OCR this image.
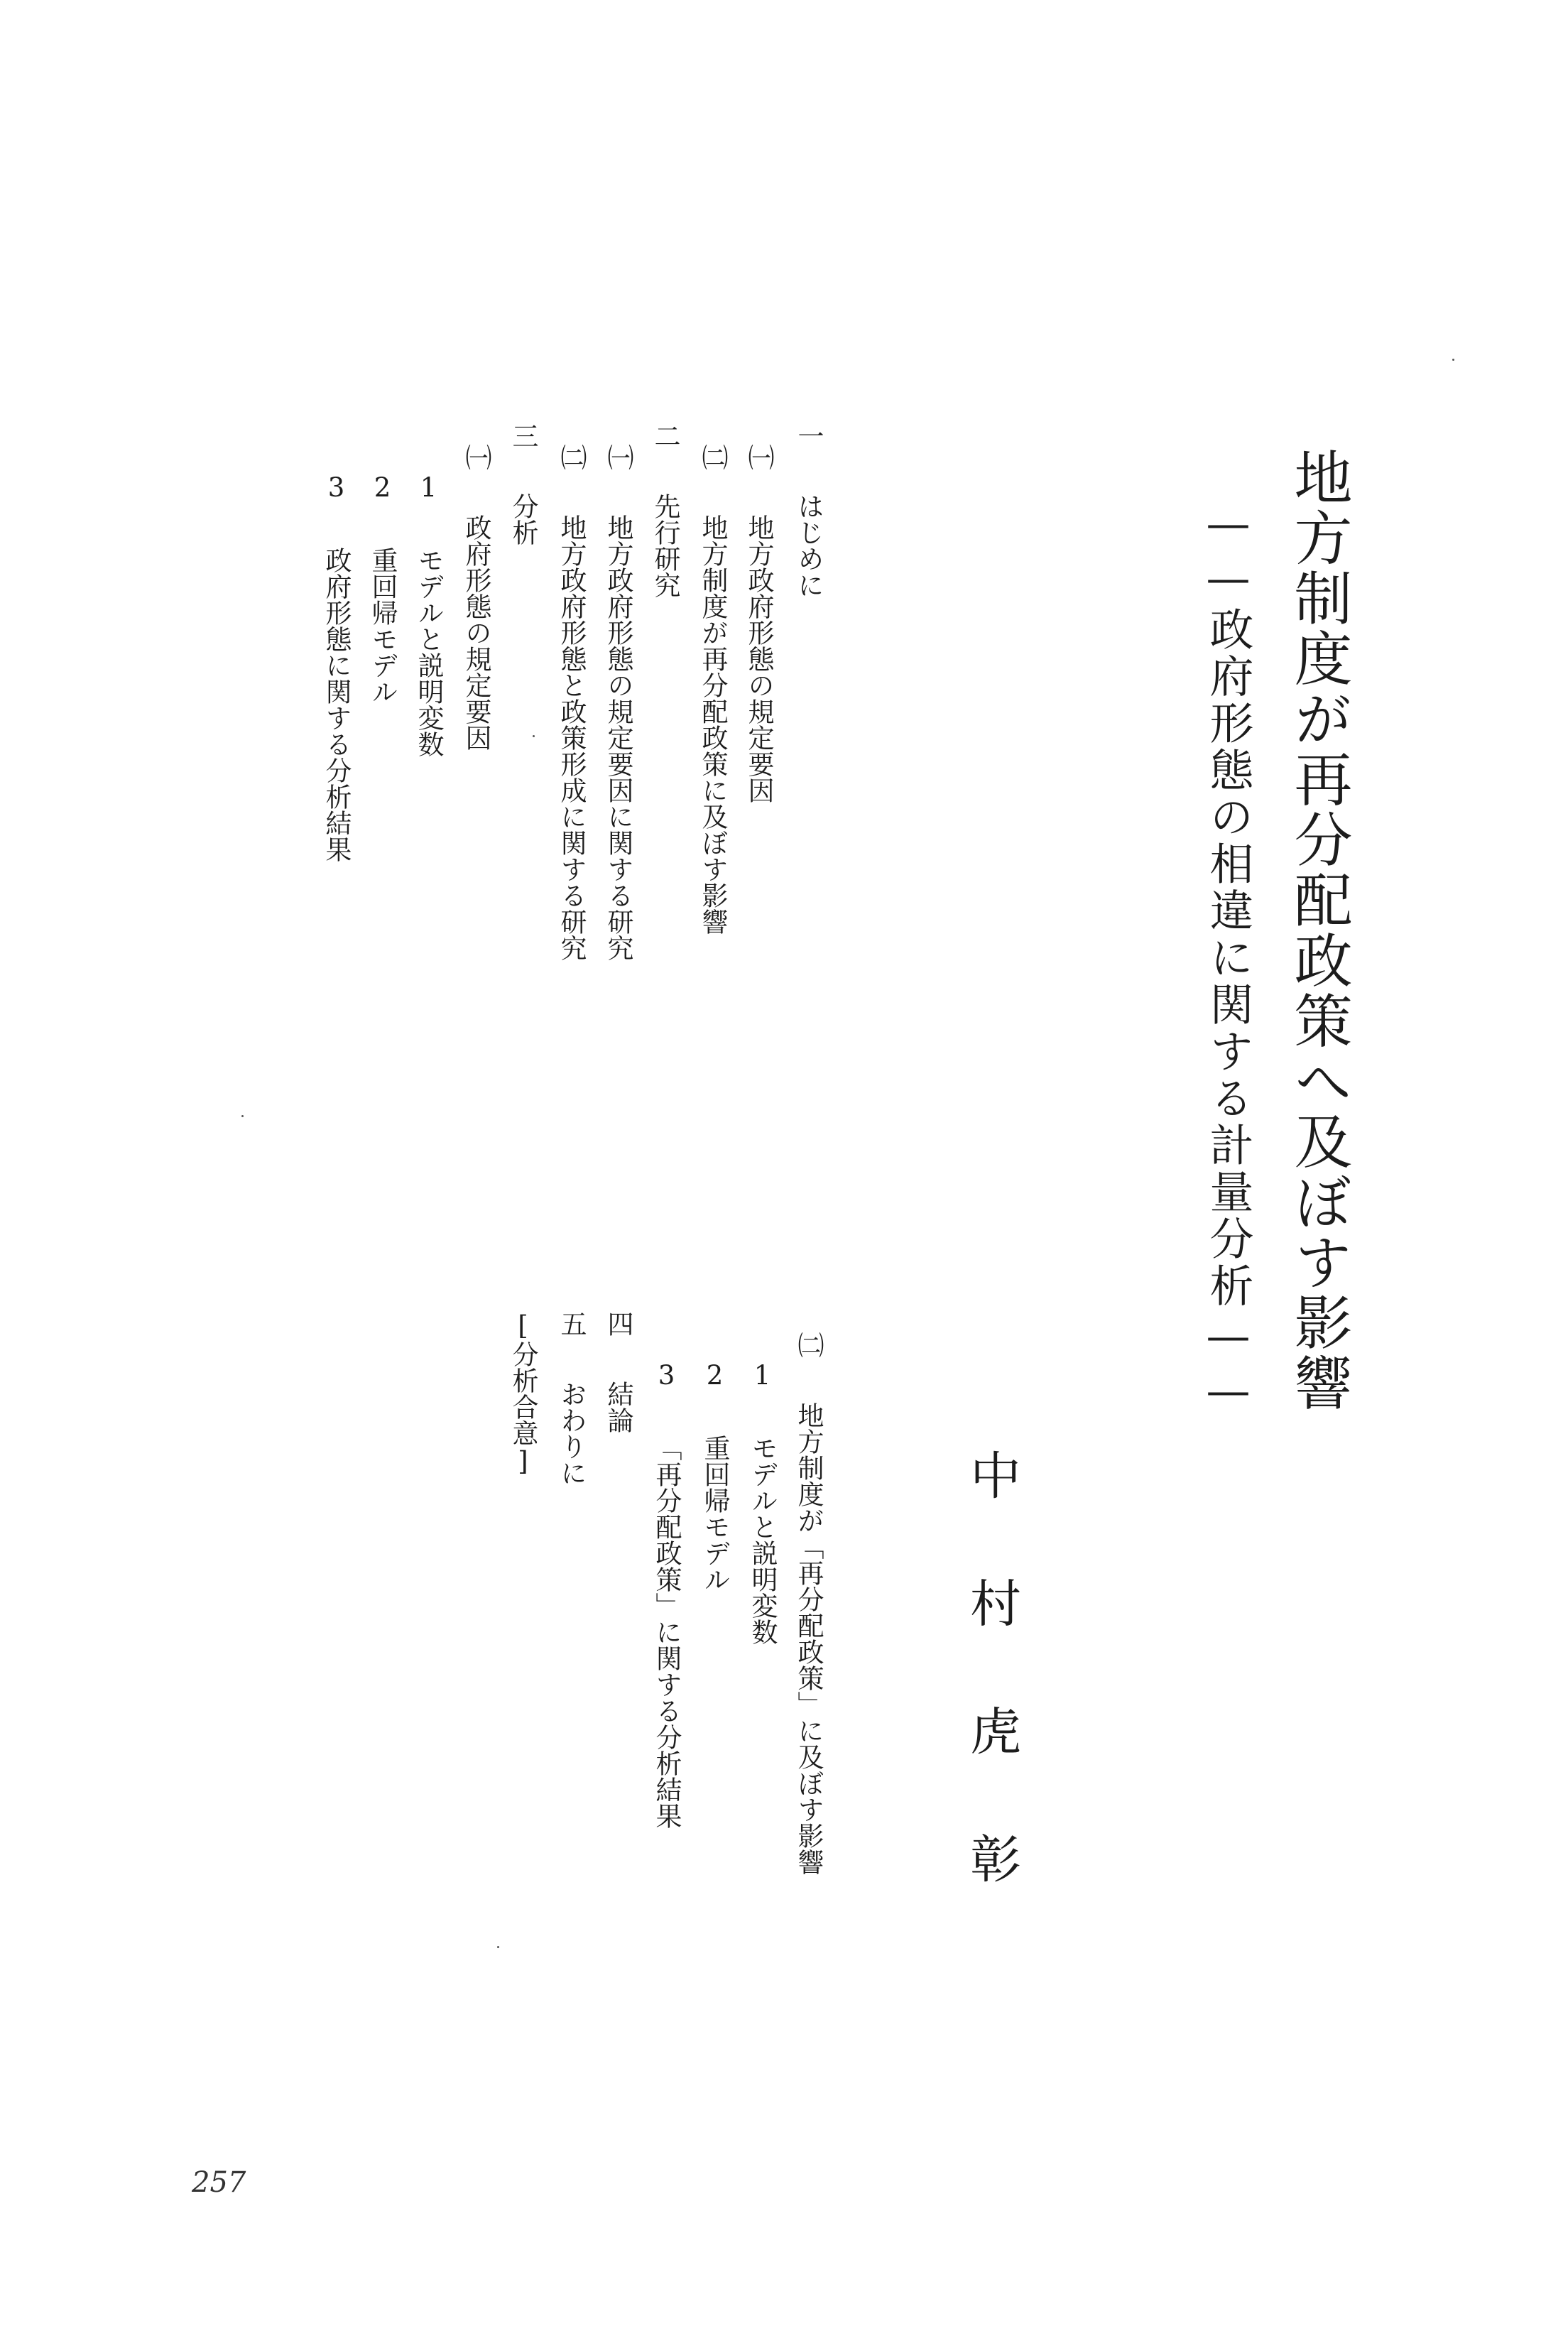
地方制度が再分配政策へ及ぼす影響
——政府形態の相違に関する計量分析——
中村虎彰
一はじめに
㈠地方政府形態の規定要因
㈡地方制度が再分配政策に及ぼす影響
二先行研究
㈠地方政府形態の規定要因に関する研究
㈡地方政府形態と政策形成に関する研究
三分析
㈠政府形態の規定要因
1モデルと説明変数
2重回帰モデル
3政府形態に関する分析結果
㈡地方制度が「再分配政策」に及ぼす影響
1モデルと説明変数
2重回帰モデル
3「再分配政策」に関する分析結果
四結論
五おわりに
[分析合意]
257
